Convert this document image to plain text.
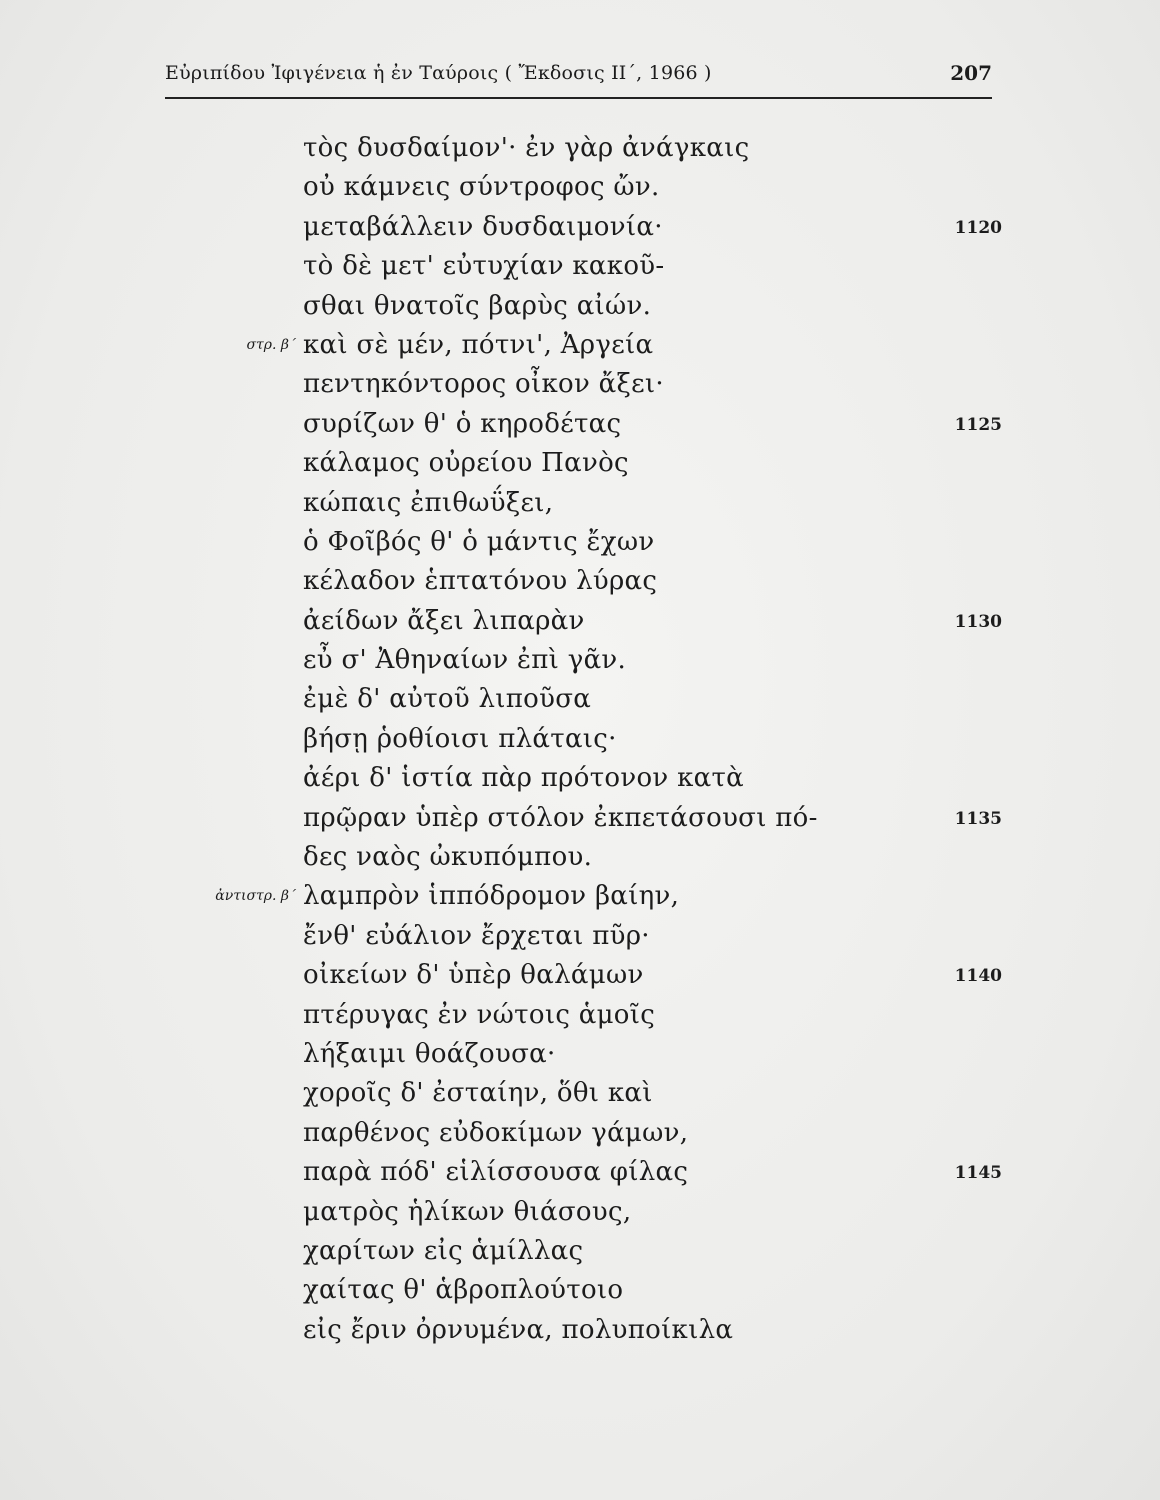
Εὐριπίδου Ἰφιγένεια ἡ ἐν Ταύροις ( Ἔκδοσις ΙΙ΄, 1966 )	207
τὸς δυσδαίμον'· ἐν γὰρ ἀνάγκαις
οὐ κάμνεις σύντροφος ὤν.
μεταβάλλειν δυσδαιμονία·	1120
τὸ δὲ μετ' εὐτυχίαν κακοῦ-
σθαι θνατοῖς βαρὺς αἰών.
στρ. β΄ καὶ σὲ μέν, πότνι', Ἀργεία
πεντηκόντορος οἶκον ἄξει·
συρίζων θ' ὁ κηροδέτας	1125
κάλαμος οὐρείου Πανὸς
κώπαις ἐπιθωΰξει,
ὁ Φοῖβός θ' ὁ μάντις ἔχων
κέλαδον ἑπτατόνου λύρας
ἀείδων ἄξει λιπαρὰν	1130
εὖ σ' Ἀθηναίων ἐπὶ γᾶν.
ἐμὲ δ' αὐτοῦ λιποῦσα
βήσῃ ῥοθίοισι πλάταις·
ἀέρι δ' ἱστία πὰρ πρότονον κατὰ
πρῷραν ὑπὲρ στόλον ἐκπετάσουσι πό-	1135
δες ναὸς ὠκυπόμπου.
ἀντιστρ. β΄ λαμπρὸν ἱππόδρομον βαίην,
ἔνθ' εὐάλιον ἔρχεται πῦρ·
οἰκείων δ' ὑπὲρ θαλάμων	1140
πτέρυγας ἐν νώτοις ἁμοῖς
λήξαιμι θοάζουσα·
χοροῖς δ' ἐσταίην, ὅθι καὶ
παρθένος εὐδοκίμων γάμων,
παρὰ πόδ' εἱλίσσουσα φίλας	1145
ματρὸς ἡλίκων θιάσους,
χαρίτων εἰς ἁμίλλας
χαίτας θ' ἁβροπλούτοιο
εἰς ἔριν ὀρνυμένα, πολυποίκιλα
